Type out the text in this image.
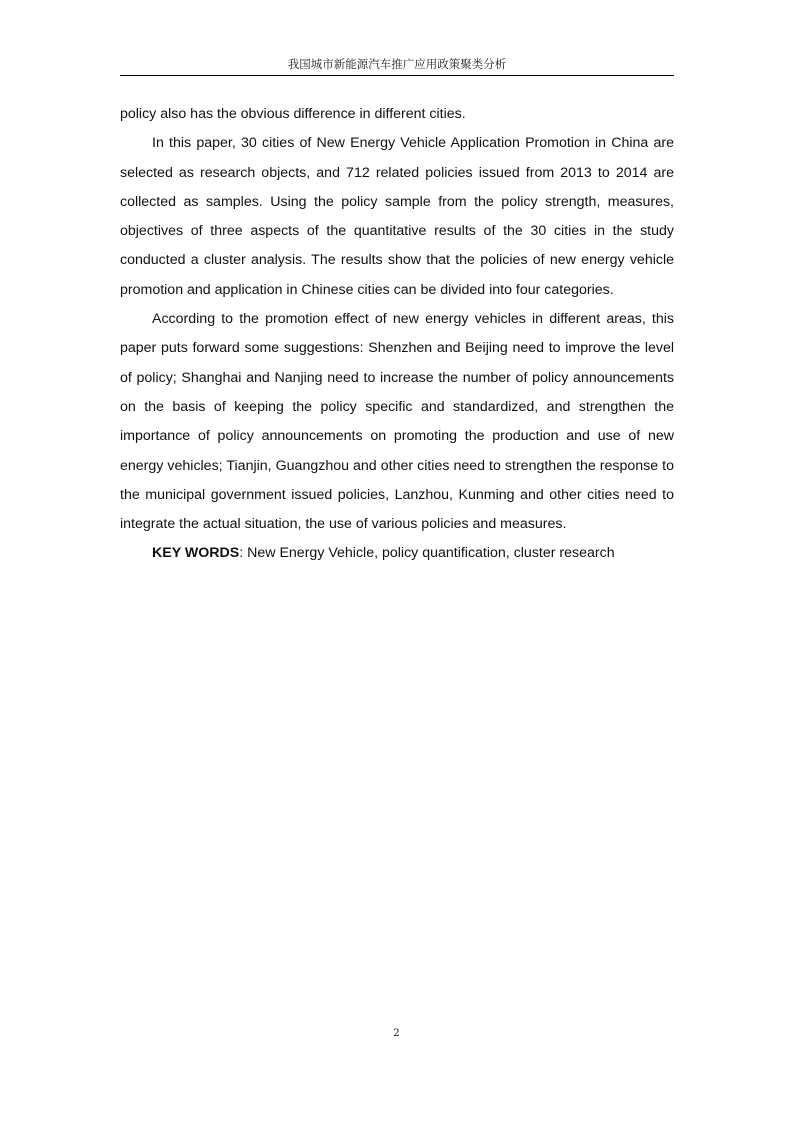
我国城市新能源汽车推广应用政策聚类分析

policy also has the obvious difference in different cities.

In this paper, 30 cities of New Energy Vehicle Application Promotion in China are selected as research objects, and 712 related policies issued from 2013 to 2014 are collected as samples. Using the policy sample from the policy strength, measures, objectives of three aspects of the quantitative results of the 30 cities in the study conducted a cluster analysis. The results show that the policies of new energy vehicle promotion and application in Chinese cities can be divided into four categories.

According to the promotion effect of new energy vehicles in different areas, this paper puts forward some suggestions: Shenzhen and Beijing need to improve the level of policy; Shanghai and Nanjing need to increase the number of policy announcements on the basis of keeping the policy specific and standardized, and strengthen the importance of policy announcements on promoting the production and use of new energy vehicles; Tianjin, Guangzhou and other cities need to strengthen the response to the municipal government issued policies, Lanzhou, Kunming and other cities need to integrate the actual situation, the use of various policies and measures.

KEY WORDS: New Energy Vehicle, policy quantification, cluster research

2
